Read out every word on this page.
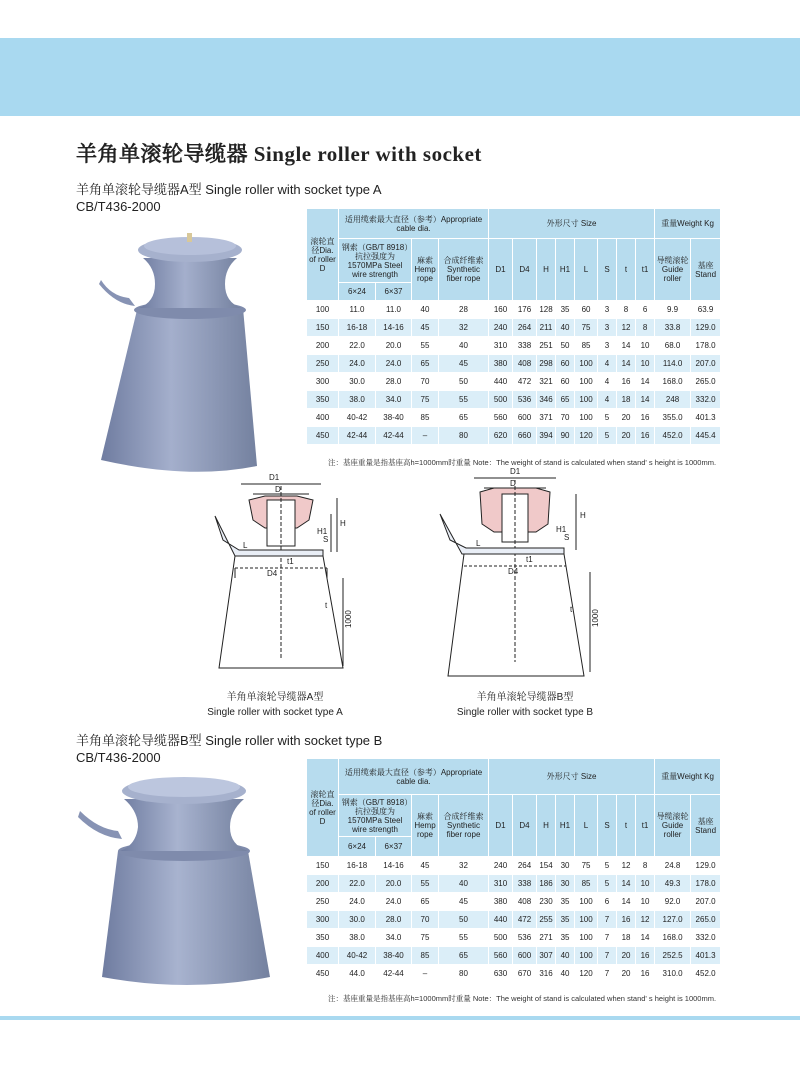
羊角单滚轮导缆器 Single roller with socket
羊角单滚轮导缆器A型 Single roller with socket type A
CB/T436-2000
滚轮直径Dia. of roller D	适用缆索最大直径（参考）Appropriate cable dia.				外形尺寸 Size								重量Weight Kg	
	钢索（GB/T 8918）抗拉强度为1570MPa Steel wire strength		麻索 Hemp rope	合成纤维索 Synthetic fiber rope	D1	D4	H	H1	L	S	t	t1	导缆滚轮 Guide roller	基座 Stand
	6×24	6×37												
100	11.0	11.0	40	28	160	176	128	35	60	3	8	6	9.9	63.9
150	16-18	14-16	45	32	240	264	211	40	75	3	12	8	33.8	129.0
200	22.0	20.0	55	40	310	338	251	50	85	3	14	10	68.0	178.0
250	24.0	24.0	65	45	380	408	298	60	100	4	14	10	114.0	207.0
300	30.0	28.0	70	50	440	472	321	60	100	4	16	14	168.0	265.0
350	38.0	34.0	75	55	500	536	346	65	100	4	18	14	248	332.0
400	40-42	38-40	85	65	560	600	371	70	100	5	20	16	355.0	401.3
450	42-44	42-44	–	80	620	660	394	90	120	5	20	16	452.0	445.4
注：基座重量是指基座高h=1000mm时重量 Note：The weight of stand is calculated when stand' s height is 1000mm.
D1
D
D4
H
H1
S
L
t
t1
1000
羊角单滚轮导缆器A型
Single roller with socket type A
D1
D
D4
H
H1
S
L
t
t1
1000
羊角单滚轮导缆器B型
Single roller with socket type B
羊角单滚轮导缆器B型 Single roller with socket type B
CB/T436-2000
滚轮直径Dia. of roller D	适用缆索最大直径（参考）Appropriate cable dia.				外形尺寸 Size								重量Weight Kg	
	钢索（GB/T 8918）抗拉强度为1570MPa Steel wire strength		麻索 Hemp rope	合成纤维索 Synthetic fiber rope	D1	D4	H	H1	L	S	t	t1	导缆滚轮 Guide roller	基座 Stand
	6×24	6×37												
150	16-18	14-16	45	32	240	264	154	30	75	5	12	8	24.8	129.0
200	22.0	20.0	55	40	310	338	186	30	85	5	14	10	49.3	178.0
250	24.0	24.0	65	45	380	408	230	35	100	6	14	10	92.0	207.0
300	30.0	28.0	70	50	440	472	255	35	100	7	16	12	127.0	265.0
350	38.0	34.0	75	55	500	536	271	35	100	7	18	14	168.0	332.0
400	40-42	38-40	85	65	560	600	307	40	100	7	20	16	252.5	401.3
450	44.0	42-44	–	80	630	670	316	40	120	7	20	16	310.0	452.0
注：基座重量是指基座高h=1000mm时重量 Note：The weight of stand is calculated when stand' s height is 1000mm.
